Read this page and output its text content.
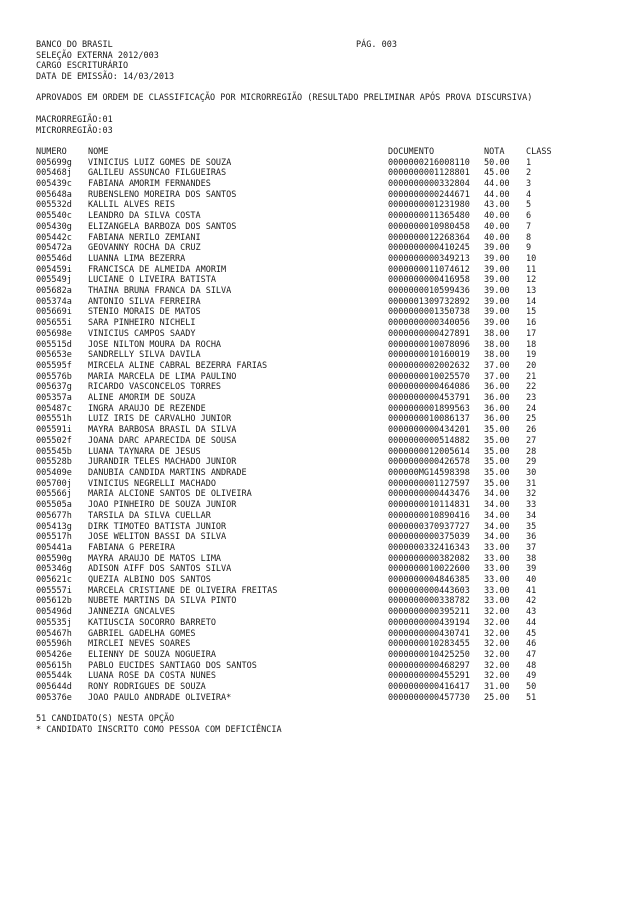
BANCO DO BRASIL	PÁG. 003
SELEÇÃO EXTERNA 2012/003
CARGO ESCRITURÁRIO
DATA DE EMISSÃO: 14/03/2013
APROVADOS EM ORDEM DE CLASSIFICAÇÃO POR MICRORREGIÃO (RESULTADO PRELIMINAR APÓS PROVA DISCURSIVA)
MACRORREGIÃO:01
MICRORREGIÃO:03
NÚMERO	NOME	DOCUMENTO	NOTA	CLASS
005699g	VINICIUS LUIZ GOMES DE SOUZA	0000000216008110	50.00	1
005468j	GALILEU ASSUNCAO FILGUEIRAS	0000000001128801	45.00	2
005439c	FABIANA AMORIM FERNANDES	0000000000332804	44.00	3
005648a	RUBENSLENO MOREIRA DOS SANTOS	0000000000244671	44.00	4
005532d	KALLIL ALVES REIS	0000000001231980	43.00	5
005540c	LEANDRO DA SILVA COSTA	0000000011365480	40.00	6
005430g	ELIZANGELA BARBOZA DOS SANTOS	0000000010980458	40.00	7
005442c	FABIANA NERILO ZEMIANI	0000000012268364	40.00	8
005472a	GEOVANNY ROCHA DA CRUZ	0000000000410245	39.00	9
005546d	LUANNA LIMA BEZERRA	0000000000349213	39.00	10
005459i	FRANCISCA DE ALMEIDA AMORIM	0000000011074612	39.00	11
005549j	LUCIANE O LIVEIRA BATISTA	0000000000416958	39.00	12
005682a	THAINA BRUNA FRANCA DA SILVA	0000000010599436	39.00	13
005374a	ANTONIO SILVA FERREIRA	0000001309732892	39.00	14
005669i	STENIO MORAIS DE MATOS	0000000001350738	39.00	15
005655i	SARA PINHEIRO NICHELI	0000000000340056	39.00	16
005698e	VINICIUS CAMPOS SAADY	0000000000427891	38.00	17
005515d	JOSE NILTON MOURA DA ROCHA	0000000010078096	38.00	18
005653e	SANDRELLY SILVA DAVILA	0000000010160019	38.00	19
005595f	MIRCELA ALINE CABRAL BEZERRA FARIAS	0000000002002632	37.00	20
005576b	MARIA MARCELA DE LIMA PAULINO	0000000010025570	37.00	21
005637g	RICARDO VASCONCELOS TORRES	0000000000464086	36.00	22
005357a	ALINE AMORIM DE SOUZA	0000000000453791	36.00	23
005487c	INGRA ARAUJO DE REZENDE	0000000001899563	36.00	24
005551h	LUIZ IRIS DE CARVALHO JUNIOR	0000000010086137	36.00	25
005591i	MAYRA BARBOSA BRASIL DA SILVA	0000000000434201	35.00	26
005502f	JOANA DARC APARECIDA DE SOUSA	0000000000514882	35.00	27
005545b	LUANA TAYNARA DE JESUS	0000000012005614	35.00	28
005528b	JURANDIR TELES MACHADO JUNIOR	0000000000426578	35.00	29
005409e	DANUBIA CANDIDA MARTINS ANDRADE	000000MG14598398	35.00	30
005700j	VINICIUS NEGRELLI MACHADO	0000000001127597	35.00	31
005566j	MARIA ALCIONE SANTOS DE OLIVEIRA	0000000000443476	34.00	32
005505a	JOAO PINHEIRO DE SOUZA JUNIOR	0000000010114831	34.00	33
005677h	TARSILA DA SILVA CUELLAR	0000000010890416	34.00	34
005413g	DIRK TIMOTEO BATISTA JUNIOR	0000000370937727	34.00	35
005517h	JOSE WELITON BASSI DA SILVA	0000000000375039	34.00	36
005441a	FABIANA G PEREIRA	0000000332416343	33.00	37
005590g	MAYRA ARAUJO DE MATOS LIMA	0000000000382082	33.00	38
005346g	ADISON AIFF DOS SANTOS SILVA	0000000010022600	33.00	39
005621c	QUEZIA ALBINO DOS SANTOS	0000000004846385	33.00	40
005557i	MARCELA CRISTIANE DE OLIVEIRA FREITAS	0000000000443603	33.00	41
005612b	NUBETE MARTINS DA SILVA PINTO	0000000000338782	33.00	42
005496d	JANNEZIA GNCALVES	0000000000395211	32.00	43
005535j	KATIUSCIA SOCORRO BARRETO	0000000000439194	32.00	44
005467h	GABRIEL GADELHA GOMES	0000000000430741	32.00	45
005596h	MIRCLEI NEVES SOARES	0000000010283455	32.00	46
005426e	ELIENNY DE SOUZA NOGUEIRA	0000000010425250	32.00	47
005615h	PABLO EUCIDES SANTIAGO DOS SANTOS	0000000000468297	32.00	48
005544k	LUANA ROSE DA COSTA NUNES	0000000000455291	32.00	49
005644d	RONY RODRIGUES DE SOUZA	0000000000416417	31.00	50
005376e	JOAO PAULO ANDRADE OLIVEIRA*	0000000000457730	25.00	51
51 CANDIDATO(S) NESTA OPÇÃO
* CANDIDATO INSCRITO COMO PESSOA COM DEFICIÊNCIA
